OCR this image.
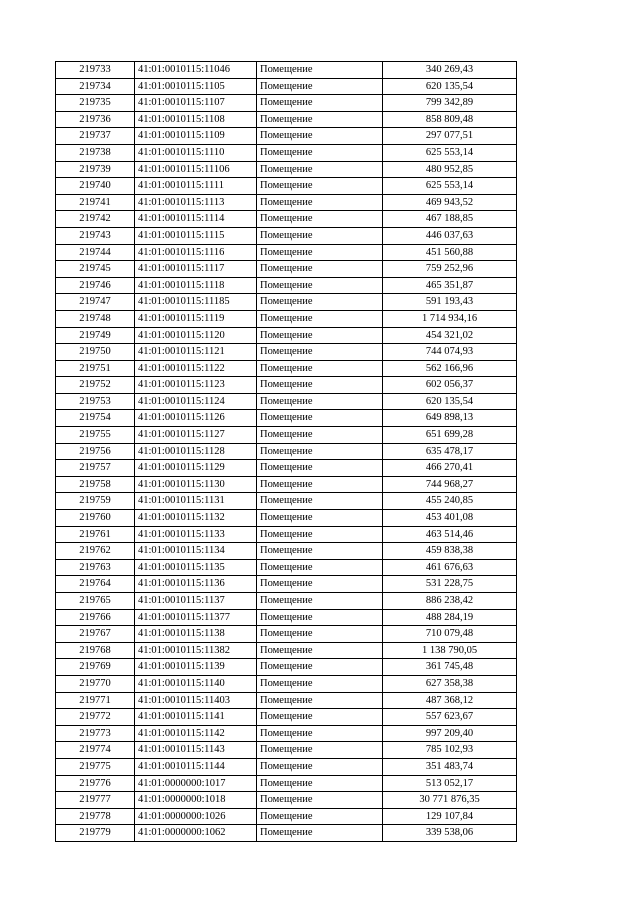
219733	41:01:0010115:11046	Помещение	340 269,43
219734	41:01:0010115:1105	Помещение	620 135,54
219735	41:01:0010115:1107	Помещение	799 342,89
219736	41:01:0010115:1108	Помещение	858 809,48
219737	41:01:0010115:1109	Помещение	297 077,51
219738	41:01:0010115:1110	Помещение	625 553,14
219739	41:01:0010115:11106	Помещение	480 952,85
219740	41:01:0010115:1111	Помещение	625 553,14
219741	41:01:0010115:1113	Помещение	469 943,52
219742	41:01:0010115:1114	Помещение	467 188,85
219743	41:01:0010115:1115	Помещение	446 037,63
219744	41:01:0010115:1116	Помещение	451 560,88
219745	41:01:0010115:1117	Помещение	759 252,96
219746	41:01:0010115:1118	Помещение	465 351,87
219747	41:01:0010115:11185	Помещение	591 193,43
219748	41:01:0010115:1119	Помещение	1 714 934,16
219749	41:01:0010115:1120	Помещение	454 321,02
219750	41:01:0010115:1121	Помещение	744 074,93
219751	41:01:0010115:1122	Помещение	562 166,96
219752	41:01:0010115:1123	Помещение	602 056,37
219753	41:01:0010115:1124	Помещение	620 135,54
219754	41:01:0010115:1126	Помещение	649 898,13
219755	41:01:0010115:1127	Помещение	651 699,28
219756	41:01:0010115:1128	Помещение	635 478,17
219757	41:01:0010115:1129	Помещение	466 270,41
219758	41:01:0010115:1130	Помещение	744 968,27
219759	41:01:0010115:1131	Помещение	455 240,85
219760	41:01:0010115:1132	Помещение	453 401,08
219761	41:01:0010115:1133	Помещение	463 514,46
219762	41:01:0010115:1134	Помещение	459 838,38
219763	41:01:0010115:1135	Помещение	461 676,63
219764	41:01:0010115:1136	Помещение	531 228,75
219765	41:01:0010115:1137	Помещение	886 238,42
219766	41:01:0010115:11377	Помещение	488 284,19
219767	41:01:0010115:1138	Помещение	710 079,48
219768	41:01:0010115:11382	Помещение	1 138 790,05
219769	41:01:0010115:1139	Помещение	361 745,48
219770	41:01:0010115:1140	Помещение	627 358,38
219771	41:01:0010115:11403	Помещение	487 368,12
219772	41:01:0010115:1141	Помещение	557 623,67
219773	41:01:0010115:1142	Помещение	997 209,40
219774	41:01:0010115:1143	Помещение	785 102,93
219775	41:01:0010115:1144	Помещение	351 483,74
219776	41:01:0000000:1017	Помещение	513 052,17
219777	41:01:0000000:1018	Помещение	30 771 876,35
219778	41:01:0000000:1026	Помещение	129 107,84
219779	41:01:0000000:1062	Помещение	339 538,06
